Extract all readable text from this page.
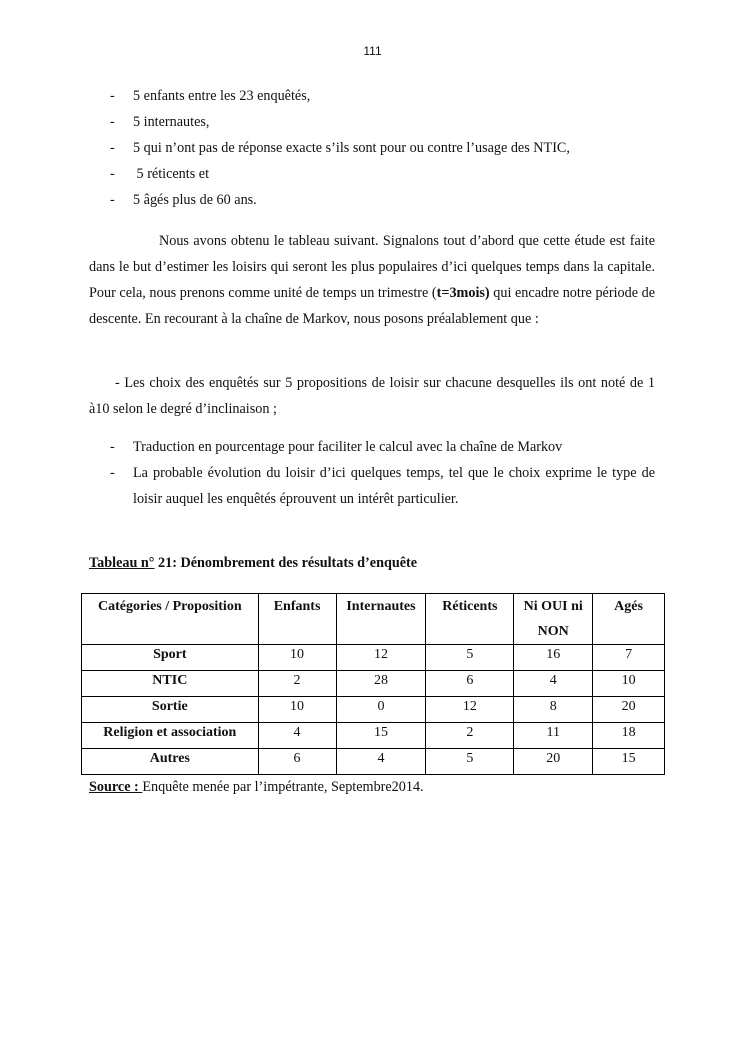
111
- 5 enfants entre les 23 enquêtés,
- 5 internautes,
- 5 qui n’ont pas de réponse exacte s’ils sont pour ou contre l’usage des NTIC,
- 5 réticents et
- 5 âgés plus de 60 ans.

Nous avons obtenu le tableau suivant. Signalons tout d’abord que cette étude est faite dans le but d’estimer les loisirs qui seront les plus populaires d’ici quelques temps dans la capitale. Pour cela, nous prenons comme unité de temps un trimestre (t=3mois) qui encadre notre période de descente. En recourant à la chaîne de Markov, nous posons préalablement que :

- Les choix des enquêtés sur 5 propositions de loisir sur chacune desquelles ils ont noté de 1 à10 selon le degré d’inclinaison ;

- Traduction en pourcentage pour faciliter le calcul avec la chaîne de Markov
- La probable évolution du loisir d’ici quelques temps, tel que le choix exprime le type de loisir auquel les enquêtés éprouvent un intérêt particulier.
Tableau n° 21: Dénombrement des résultats d’enquête
Catégories / Proposition	Enfants	Internautes	Réticents	Ni OUI ni NON	Agés
Sport	10	12	5	16	7
NTIC	2	28	6	4	10
Sortie	10	0	12	8	20
Religion et association	4	15	2	11	18
Autres	6	4	5	20	15
Source : Enquête menée par l’impétrante, Septembre2014.
